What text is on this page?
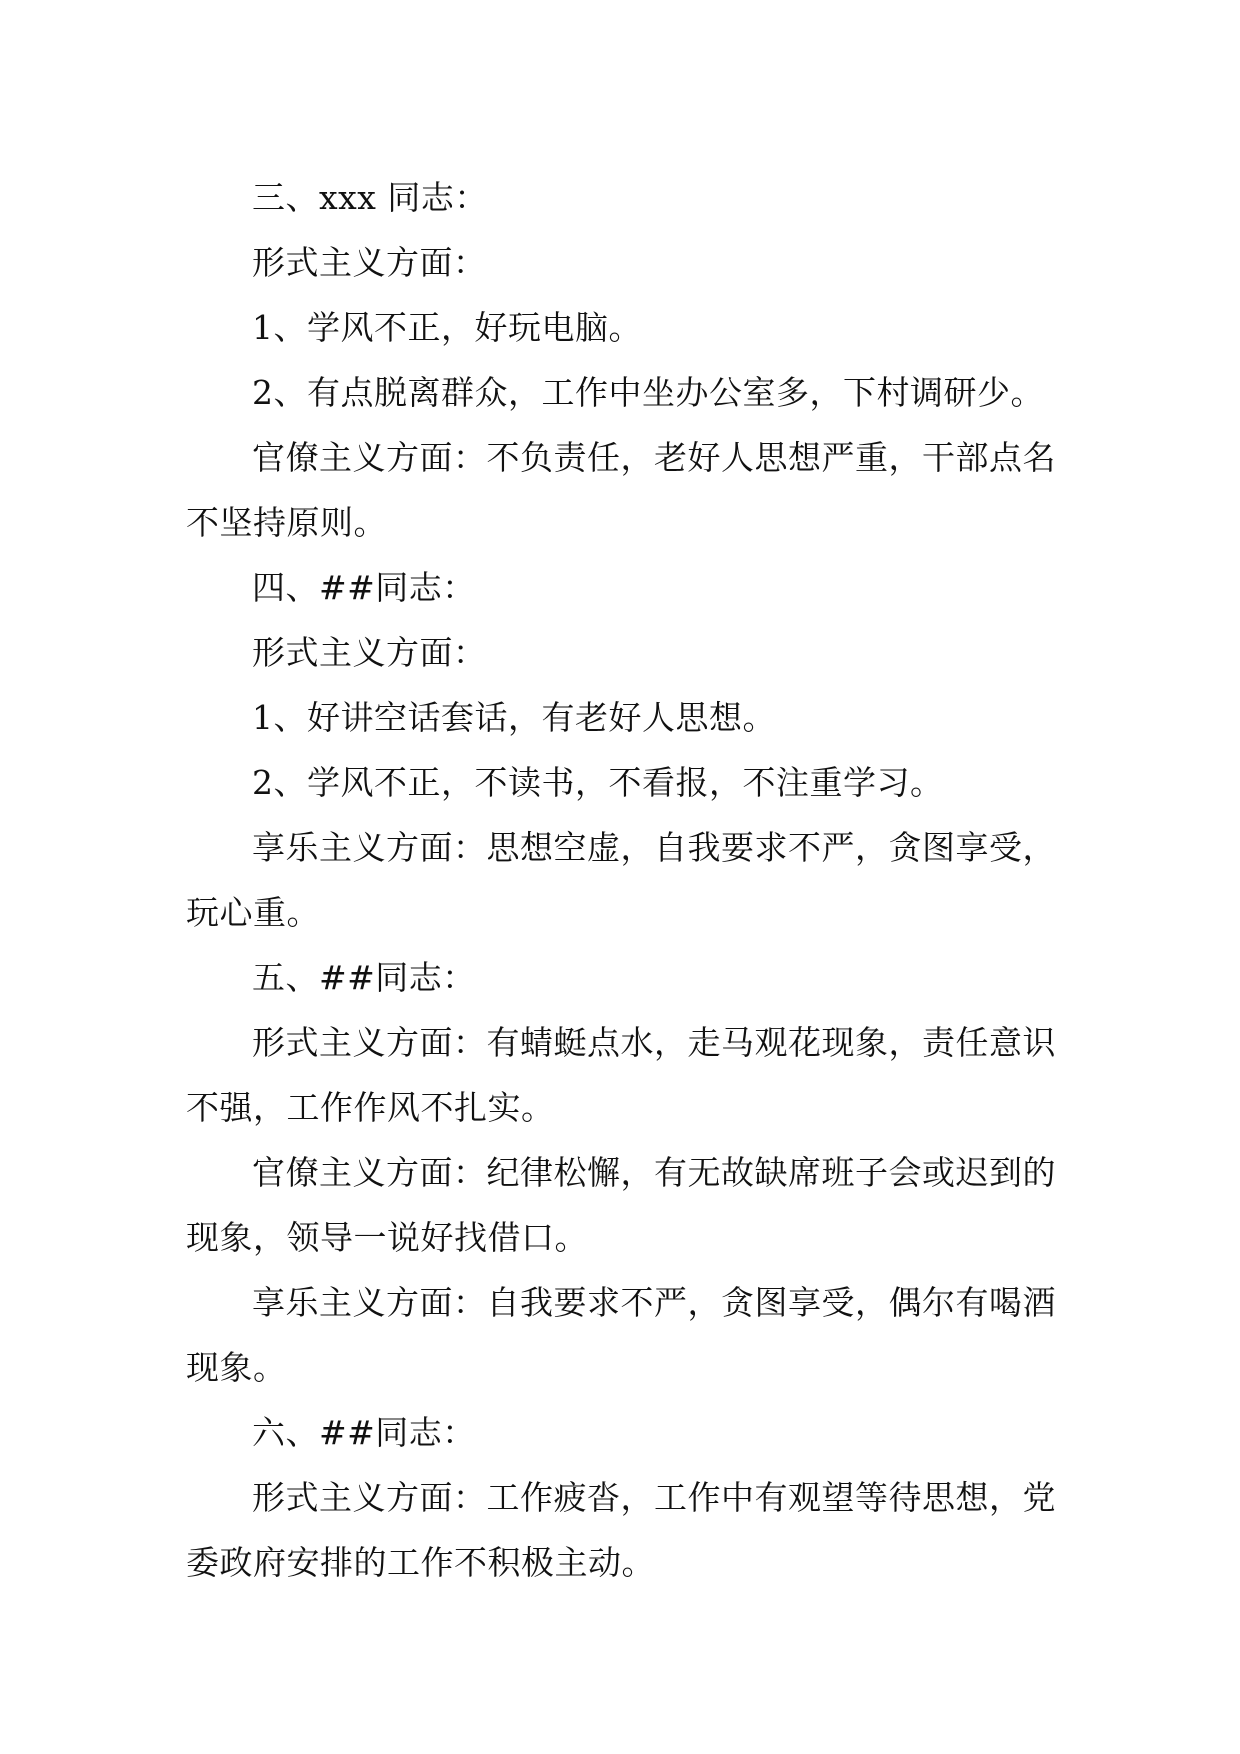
三、xxx 同志：

形式主义方面：

1、学风不正，好玩电脑。

2、有点脱离群众，工作中坐办公室多，下村调研少。

官僚主义方面：不负责任，老好人思想严重，干部点名不坚持原则。

四、##同志：

形式主义方面：

1、好讲空话套话，有老好人思想。

2、学风不正，不读书，不看报，不注重学习。

享乐主义方面：思想空虚，自我要求不严，贪图享受，玩心重。

五、##同志：

形式主义方面：有蜻蜓点水，走马观花现象，责任意识不强，工作作风不扎实。

官僚主义方面：纪律松懈，有无故缺席班子会或迟到的现象，领导一说好找借口。

享乐主义方面：自我要求不严，贪图享受，偶尔有喝酒现象。

六、##同志：

形式主义方面：工作疲沓，工作中有观望等待思想，党委政府安排的工作不积极主动。
